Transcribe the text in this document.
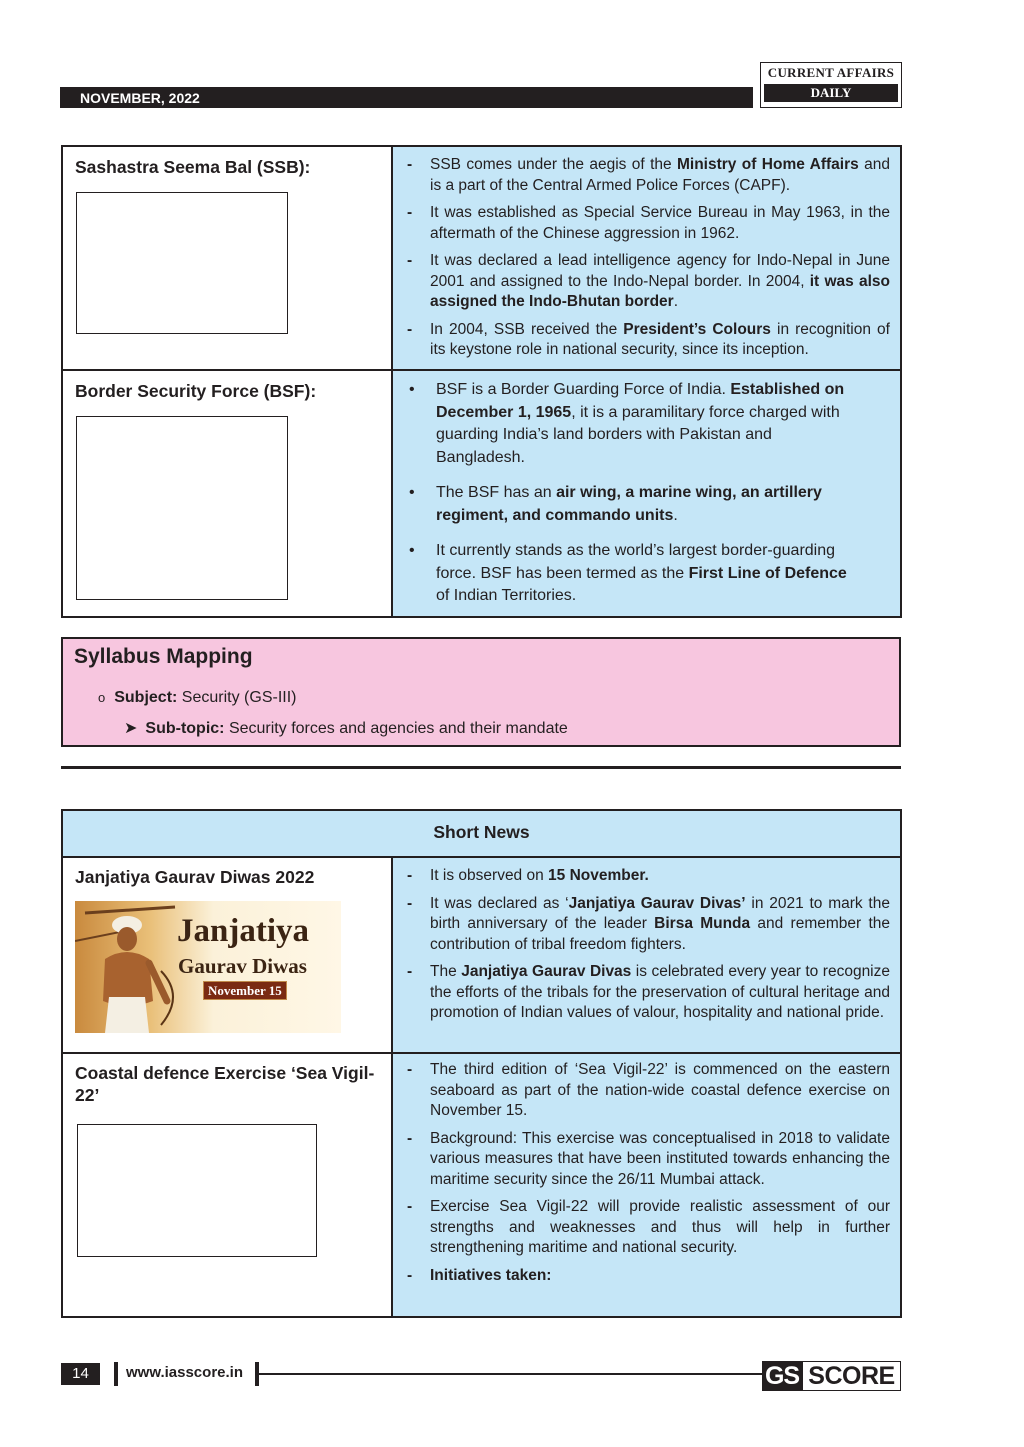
NOVEMBER, 2022
CURRENT AFFAIRS
DAILY
Sashastra Seema Bal (SSB):	- SSB comes under the aegis of the Ministry of Home Affairs and is a part of the Central Armed Police Forces (CAPF).
- It was established as Special Service Bureau in May 1963, in the aftermath of the Chinese aggression in 1962.
- It was declared a lead intelligence agency for Indo-Nepal in June 2001 and assigned to the Indo-Nepal border. In 2004, it was also assigned the Indo-Bhutan border.
- In 2004, SSB received the President’s Colours in recognition of its keystone role in national security, since its inception.
Border Security Force (BSF):	• BSF is a Border Guarding Force of India. Established on December 1, 1965, it is a paramilitary force charged with guarding India’s land borders with Pakistan and Bangladesh.
• The BSF has an air wing, a marine wing, an artillery regiment, and commando units.
• It currently stands as the world’s largest border-guarding force. BSF has been termed as the First Line of Defence of Indian Territories.
Syllabus Mapping
o Subject: Security (GS-III)
➤ Sub-topic: Security forces and agencies and their mandate
Short News
Janjatiya Gaurav Diwas 2022
Janjatiya
Gaurav Diwas
November 15
- It is observed on 15 November.
- It was declared as ‘Janjatiya Gaurav Divas’ in 2021 to mark the birth anniversary of the leader Birsa Munda and remember the contribution of tribal freedom fighters.
- The Janjatiya Gaurav Divas is celebrated every year to recognize the efforts of the tribals for the preservation of cultural heritage and promotion of Indian values of valour, hospitality and national pride.
Coastal defence Exercise ‘Sea Vigil-22’
- The third edition of ‘Sea Vigil-22’ is commenced on the eastern seaboard as part of the nation-wide coastal defence exercise on November 15.
- Background: This exercise was conceptualised in 2018 to validate various measures that have been instituted towards enhancing the maritime security since the 26/11 Mumbai attack.
- Exercise Sea Vigil-22 will provide realistic assessment of our strengths and weaknesses and thus will help in further strengthening maritime and national security.
- Initiatives taken:
14	www.iasscore.in	GS SCORE
